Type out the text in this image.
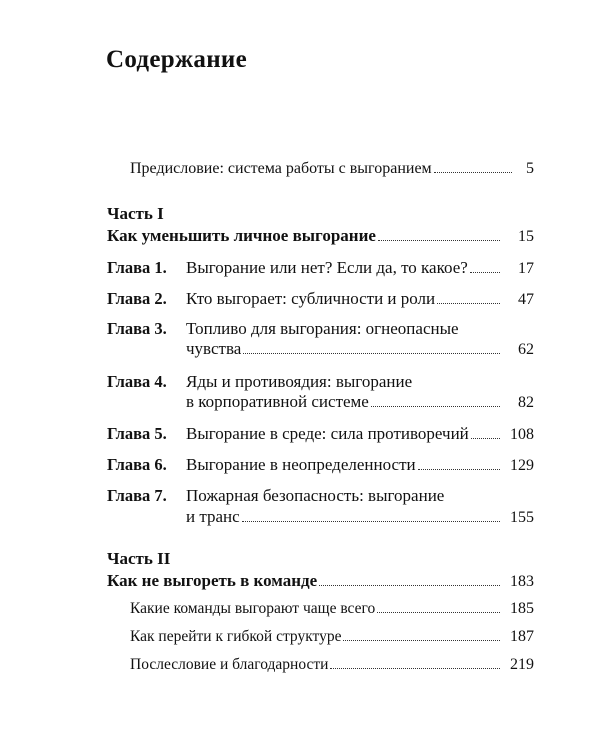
Содержание
Предисловие: система работы с выгоранием	5
Часть I
Как уменьшить личное выгорание	15
Глава 1. Выгорание или нет? Если да, то какое?	17
Глава 2. Кто выгорает: субличности и роли	47
Глава 3. Топливо для выгорания: огнеопасные
чувства	62
Глава 4. Яды и противоядия: выгорание
в корпоративной системе	82
Глава 5. Выгорание в среде: сила противоречий	108
Глава 6. Выгорание в неопределенности	129
Глава 7. Пожарная безопасность: выгорание
и транс	155
Часть II
Как не выгореть в команде	183
Какие команды выгорают чаще всего	185
Как перейти к гибкой структуре	187
Послесловие и благодарности	219
